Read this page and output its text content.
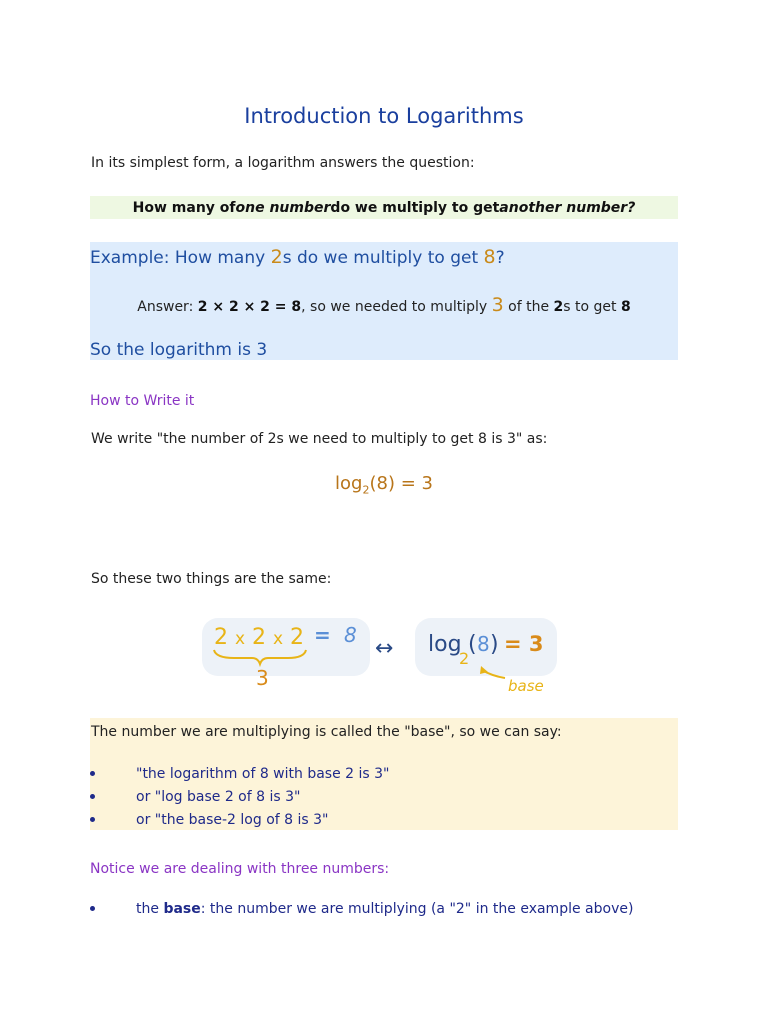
Introduction to Logarithms
In its simplest form, a logarithm answers the question:
How many of one number do we multiply to get another number?
Example: How many 2s do we multiply to get 8?
Answer: 2 × 2 × 2 = 8, so we needed to multiply 3 of the 2s to get 8
So the logarithm is 3
How to Write it
We write "the number of 2s we need to multiply to get 8 is 3" as:
$\log_2(8) = 3$
So these two things are the same:
2 x 2 x 2 = 8
3
↔ log ( 8 ) = 3
2
base
The number we are multiplying is called the "base", so we can say:
"the logarithm of 8 with base 2 is 3"
or "log base 2 of 8 is 3"
or "the base-2 log of 8 is 3"
Notice we are dealing with three numbers:
the base: the number we are multiplying (a "2" in the example above)
